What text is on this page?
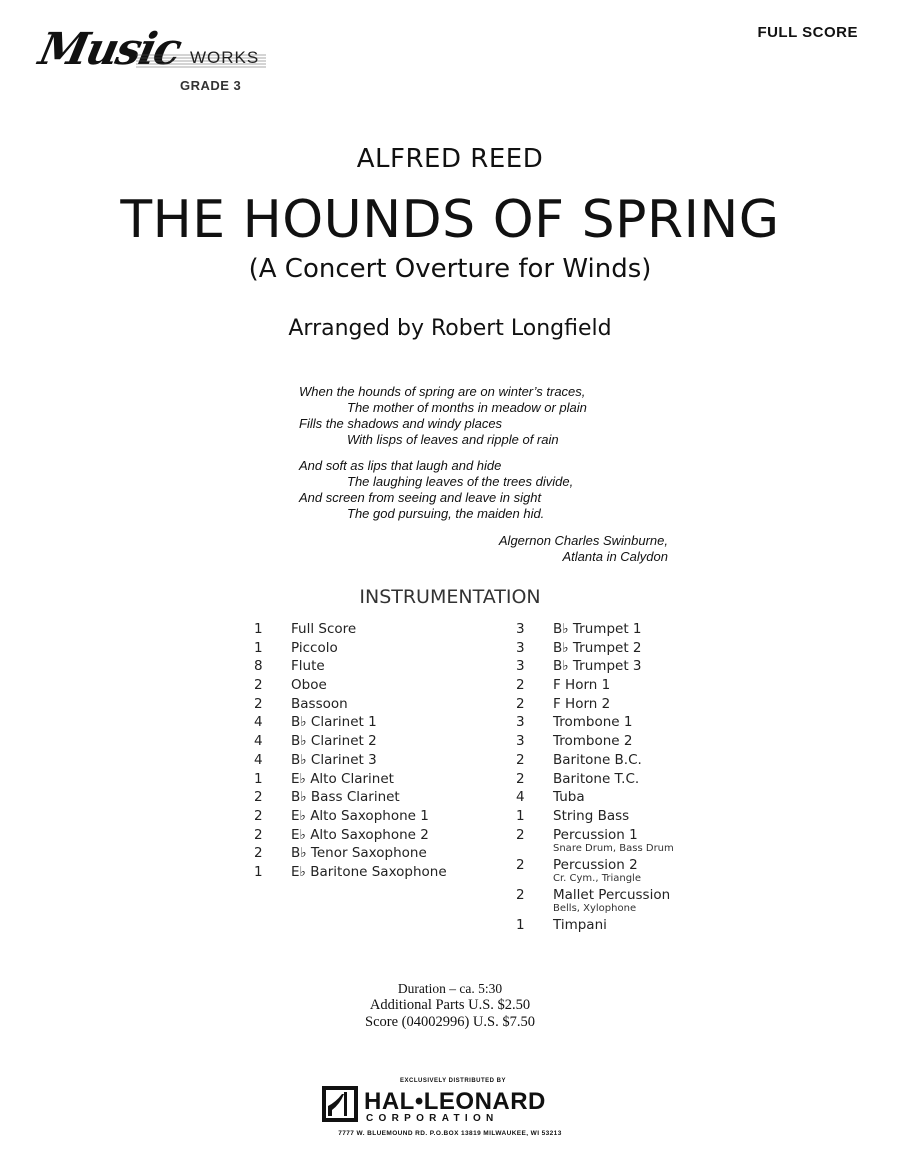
Music WORKS
GRADE 3
FULL SCORE
ALFRED REED
THE HOUNDS OF SPRING
(A Concert Overture for Winds)
Arranged by Robert Longfield
When the hounds of spring are on winter’s traces,
The mother of months in meadow or plain
Fills the shadows and windy places
With lisps of leaves and ripple of rain
And soft as lips that laugh and hide
The laughing leaves of the trees divide,
And screen from seeing and leave in sight
The god pursuing, the maiden hid.
Algernon Charles Swinburne,
Atlanta in Calydon
INSTRUMENTATION
1	Full Score
1	Piccolo
8	Flute
2	Oboe
2	Bassoon
4	B♭ Clarinet 1
4	B♭ Clarinet 2
4	B♭ Clarinet 3
1	E♭ Alto Clarinet
2	B♭ Bass Clarinet
2	E♭ Alto Saxophone 1
2	E♭ Alto Saxophone 2
2	B♭ Tenor Saxophone
1	E♭ Baritone Saxophone
3	B♭ Trumpet 1
3	B♭ Trumpet 2
3	B♭ Trumpet 3
2	F Horn 1
2	F Horn 2
3	Trombone 1
3	Trombone 2
2	Baritone B.C.
2	Baritone T.C.
4	Tuba
1	String Bass
2	Percussion 1
Snare Drum, Bass Drum
2	Percussion 2
Cr. Cym., Triangle
2	Mallet Percussion
Bells, Xylophone
1	Timpani
Duration – ca. 5:30
Additional Parts U.S. $2.50
Score (04002996) U.S. $7.50
EXCLUSIVELY DISTRIBUTED BY
HAL•LEONARD
CORPORATION
7777 W. BLUEMOUND RD. P.O.BOX 13819 MILWAUKEE, WI 53213
